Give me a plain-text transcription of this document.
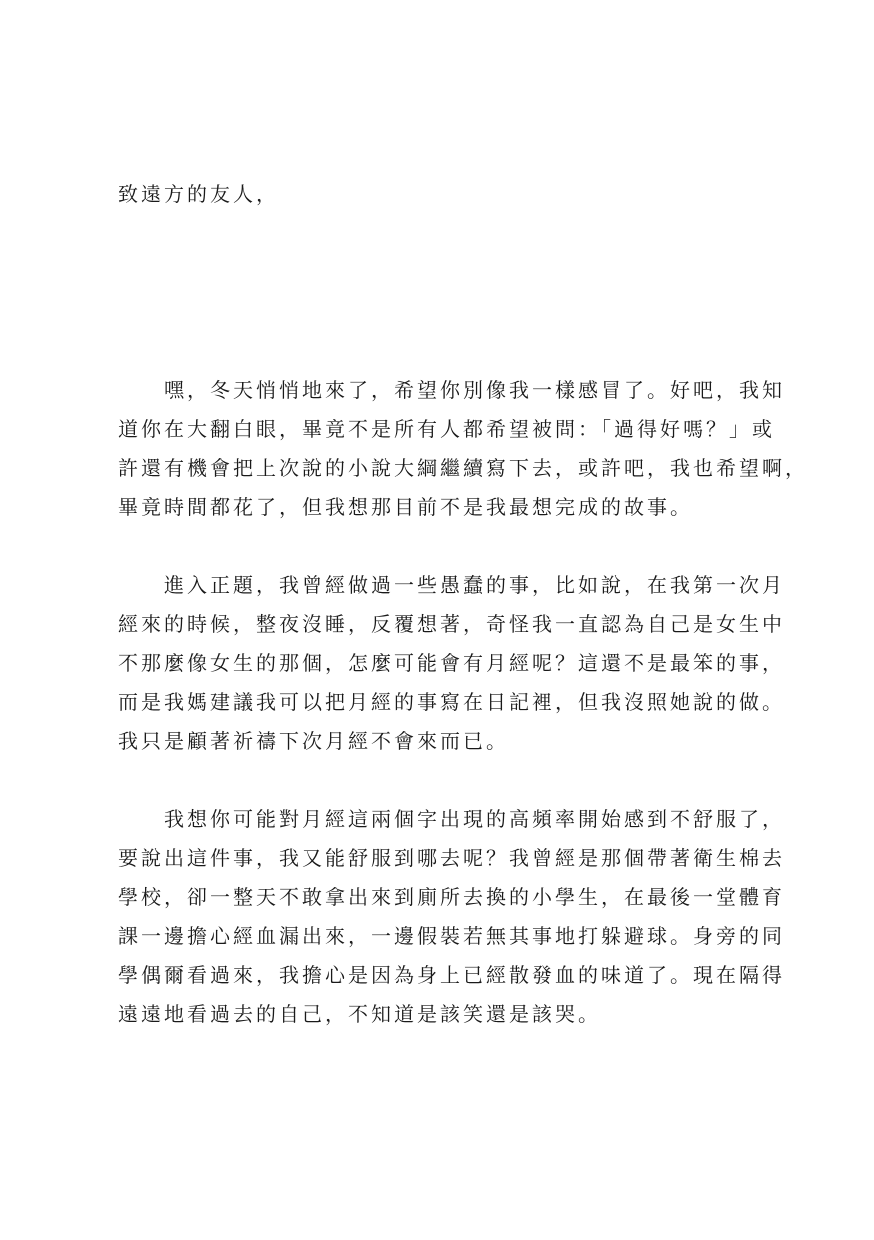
致遠方的友人，
　　嘿，冬天悄悄地來了，希望你別像我一樣感冒了。好吧，我知
道你在大翻白眼，畢竟不是所有人都希望被問：「過得好嗎？」或
許還有機會把上次說的小說大綱繼續寫下去，或許吧，我也希望啊，
畢竟時間都花了，但我想那目前不是我最想完成的故事。
　　進入正題，我曾經做過一些愚蠢的事，比如說，在我第一次月
經來的時候，整夜沒睡，反覆想著，奇怪我一直認為自己是女生中
不那麼像女生的那個，怎麼可能會有月經呢？這還不是最笨的事，
而是我媽建議我可以把月經的事寫在日記裡，但我沒照她說的做。
我只是顧著祈禱下次月經不會來而已。
　　我想你可能對月經這兩個字出現的高頻率開始感到不舒服了，
要說出這件事，我又能舒服到哪去呢？我曾經是那個帶著衛生棉去
學校，卻一整天不敢拿出來到廁所去換的小學生，在最後一堂體育
課一邊擔心經血漏出來，一邊假裝若無其事地打躲避球。身旁的同
學偶爾看過來，我擔心是因為身上已經散發血的味道了。現在隔得
遠遠地看過去的自己，不知道是該笑還是該哭。
